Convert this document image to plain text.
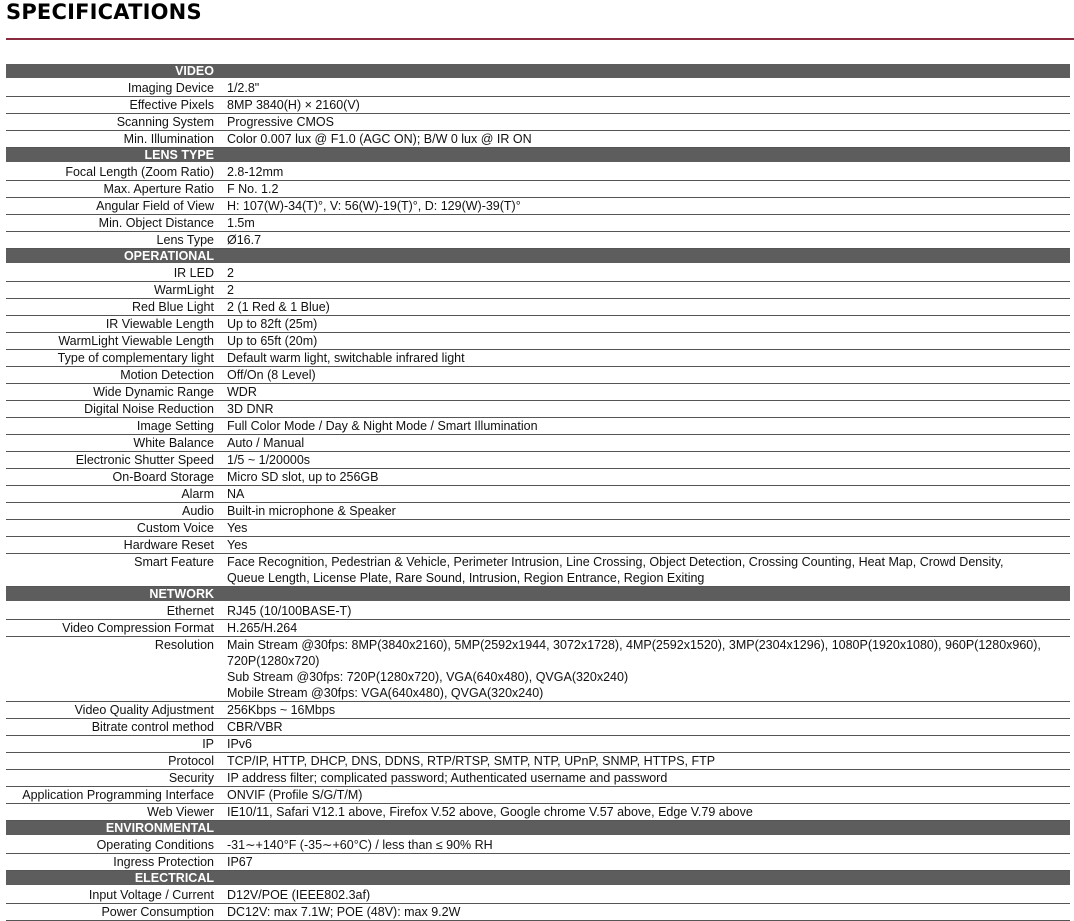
SPECIFICATIONS
VIDEO
Imaging Device 1/2.8"
Effective Pixels 8MP 3840(H) × 2160(V)
Scanning System Progressive CMOS
Min. Illumination Color 0.007 lux @ F1.0 (AGC ON); B/W 0 lux @ IR ON
LENS TYPE
Focal Length (Zoom Ratio) 2.8-12mm
Max. Aperture Ratio F No. 1.2
Angular Field of View H: 107(W)-34(T)°, V: 56(W)-19(T)°, D: 129(W)-39(T)°
Min. Object Distance 1.5m
Lens Type Ø16.7
OPERATIONAL
IR LED 2
WarmLight 2
Red Blue Light 2 (1 Red & 1 Blue)
IR Viewable Length Up to 82ft (25m)
WarmLight Viewable Length Up to 65ft (20m)
Type of complementary light Default warm light, switchable infrared light
Motion Detection Off/On (8 Level)
Wide Dynamic Range WDR
Digital Noise Reduction 3D DNR
Image Setting Full Color Mode / Day & Night Mode / Smart Illumination
White Balance Auto / Manual
Electronic Shutter Speed 1/5 ~ 1/20000s
On-Board Storage Micro SD slot, up to 256GB
Alarm NA
Audio Built-in microphone & Speaker
Custom Voice Yes
Hardware Reset Yes
Smart Feature Face Recognition, Pedestrian & Vehicle, Perimeter Intrusion, Line Crossing, Object Detection, Crossing Counting, Heat Map, Crowd Density,
Queue Length, License Plate, Rare Sound, Intrusion, Region Entrance, Region Exiting
NETWORK
Ethernet RJ45 (10/100BASE-T)
Video Compression Format H.265/H.264
Resolution Main Stream @30fps: 8MP(3840x2160), 5MP(2592x1944, 3072x1728), 4MP(2592x1520), 3MP(2304x1296), 1080P(1920x1080), 960P(1280x960),
720P(1280x720)
Sub Stream @30fps: 720P(1280x720), VGA(640x480), QVGA(320x240)
Mobile Stream @30fps: VGA(640x480), QVGA(320x240)
Video Quality Adjustment 256Kbps ~ 16Mbps
Bitrate control method CBR/VBR
IP IPv6
Protocol TCP/IP, HTTP, DHCP, DNS, DDNS, RTP/RTSP, SMTP, NTP, UPnP, SNMP, HTTPS, FTP
Security IP address filter; complicated password; Authenticated username and password
Application Programming Interface ONVIF (Profile S/G/T/M)
Web Viewer IE10/11, Safari V12.1 above, Firefox V.52 above, Google chrome V.57 above, Edge V.79 above
ENVIRONMENTAL
Operating Conditions -31∼+140°F (-35∼+60°C) / less than ≤ 90% RH
Ingress Protection IP67
ELECTRICAL
Input Voltage / Current D12V/POE (IEEE802.3af)
Power Consumption DC12V: max 7.1W; POE (48V): max 9.2W
